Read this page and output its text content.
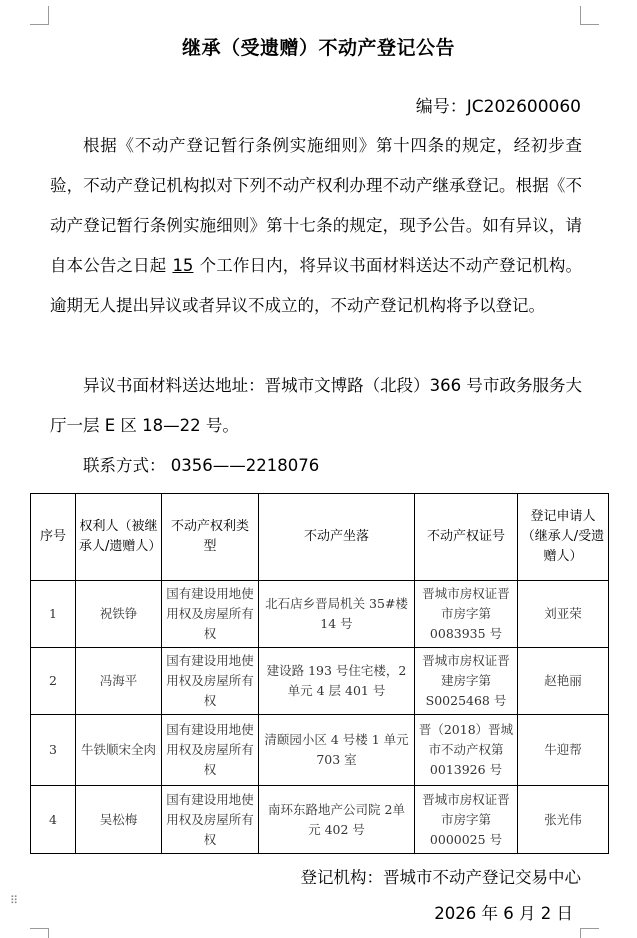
⠿
继承（受遗赠）不动产登记公告
编号：JC202600060

根据《不动产登记暂行条例实施细则》第十四条的规定，经初步查验，不动产登记机构拟对下列不动产权利办理不动产继承登记。根据《不动产登记暂行条例实施细则》第十七条的规定，现予公告。如有异议，请自本公告之日起 15 个工作日内，将异议书面材料送达不动产登记机构。逾期无人提出异议或者异议不成立的，不动产登记机构将予以登记。

异议书面材料送达地址：晋城市文博路（北段）366 号市政务服务大厅一层 E 区 18—22 号。

联系方式： 0356——2218076

序号	权利人（被继承人/遗赠人）	不动产权利类型	不动产坐落	不动产权证号	登记申请人（继承人/受遗赠人）
1	祝铁铮	国有建设用地使用权及房屋所有权	北石店乡晋局机关 35#楼 14 号	晋城市房权证晋市房字第0083935 号	刘亚荣
2	冯海平	国有建设用地使用权及房屋所有权	建设路 193 号住宅楼，2 单元 4 层 401 号	晋城市房权证晋建房字第S0025468 号	赵艳丽
3	牛铁顺宋全肉	国有建设用地使用权及房屋所有权	清颐园小区 4 号楼 1 单元 703 室	晋（2018）晋城市不动产权第 0013926 号	牛迎帮
4	吴松梅	国有建设用地使用权及房屋所有权	南环东路地产公司院 2单元 402 号	晋城市房权证晋市房字第0000025 号	张光伟
登记机构：晋城市不动产登记交易中心
2026 年 6 月 2 日
